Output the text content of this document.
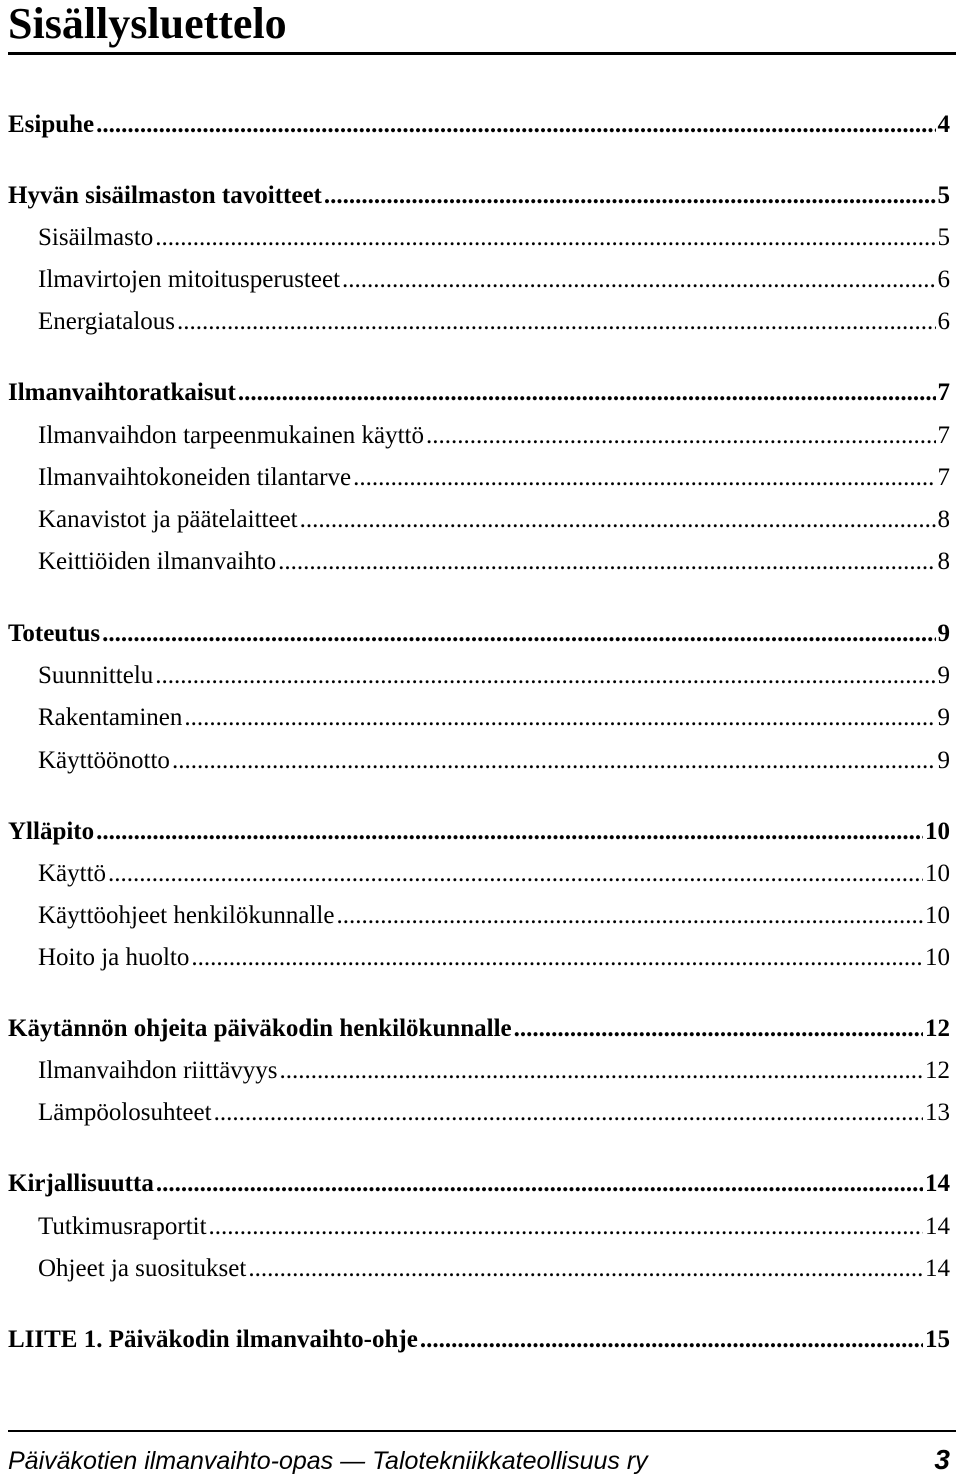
Sisällysluettelo
Esipuhe .....	4
Hyvän sisäilmaston tavoitteet .....	5
Sisäilmasto .....	5
Ilmavirtojen mitoitusperusteet .....	6
Energiatalous .....	6
Ilmanvaihtoratkaisut .....	7
Ilmanvaihdon tarpeenmukainen käyttö .....	7
Ilmanvaihtokoneiden tilantarve .....	7
Kanavistot ja päätelaitteet .....	8
Keittiöiden ilmanvaihto .....	8
Toteutus .....	9
Suunnittelu .....	9
Rakentaminen .....	9
Käyttöönotto .....	9
Ylläpito .....	10
Käyttö .....	10
Käyttöohjeet henkilökunnalle .....	10
Hoito ja huolto .....	10
Käytännön ohjeita päiväkodin henkilökunnalle .....	12
Ilmanvaihdon riittävyys .....	12
Lämpöolosuhteet .....	13
Kirjallisuutta .....	14
Tutkimusraportit .....	14
Ohjeet ja suositukset .....	14
LIITE 1. Päiväkodin ilmanvaihto-ohje .....	15
Päiväkotien ilmanvaihto-opas — Talotekniikkateollisuus ry	3
